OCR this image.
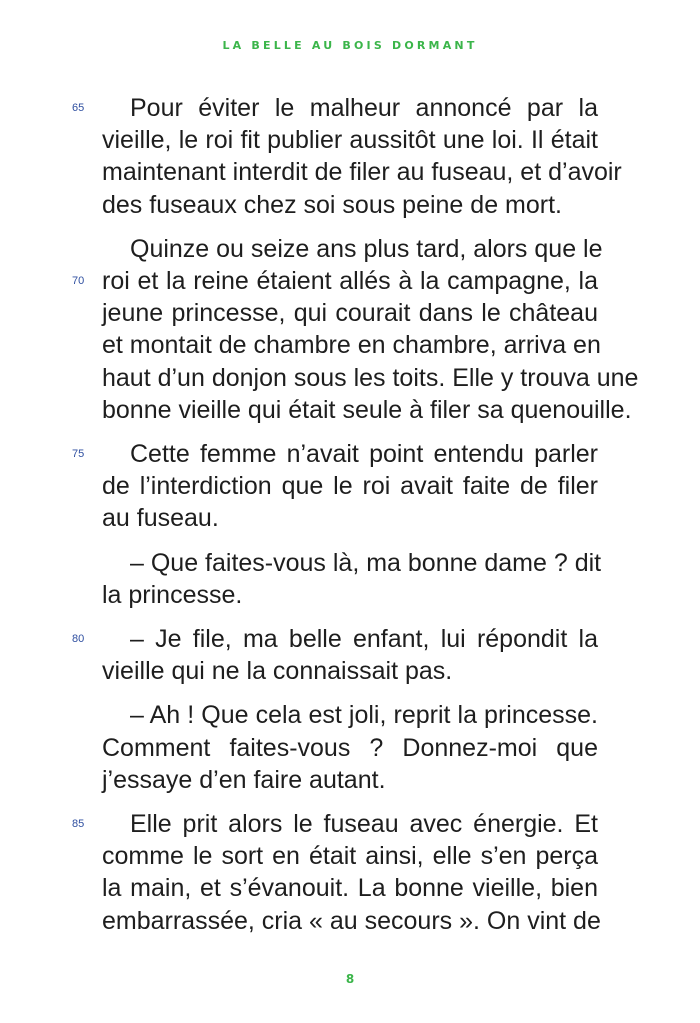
LA BELLE AU BOIS DORMANT
Pour éviter le malheur annoncé par la
65
vieille, le roi fit publier aussitôt une loi. Il était
maintenant interdit de filer au fuseau, et d’avoir
des fuseaux chez soi sous peine de mort.
Quinze ou seize ans plus tard, alors que le
roi et la reine étaient allés à la campagne, la
70
jeune princesse, qui courait dans le château
et montait de chambre en chambre, arriva en
haut d’un donjon sous les toits. Elle y trouva une
bonne vieille qui était seule à filer sa quenouille.
Cette femme n’avait point entendu parler
75
de l’interdiction que le roi avait faite de filer
au fuseau.
– Que faites-vous là, ma bonne dame ? dit
la princesse.
– Je file, ma belle enfant, lui répondit la
80
vieille qui ne la connaissait pas.
– Ah ! Que cela est joli, reprit la princesse.
Comment faites-vous ? Donnez-moi que
j’essaye d’en faire autant.
Elle prit alors le fuseau avec énergie. Et
85
comme le sort en était ainsi, elle s’en perça
la main, et s’évanouit. La bonne vieille, bien
embarrassée, cria « au secours ». On vint de
8
